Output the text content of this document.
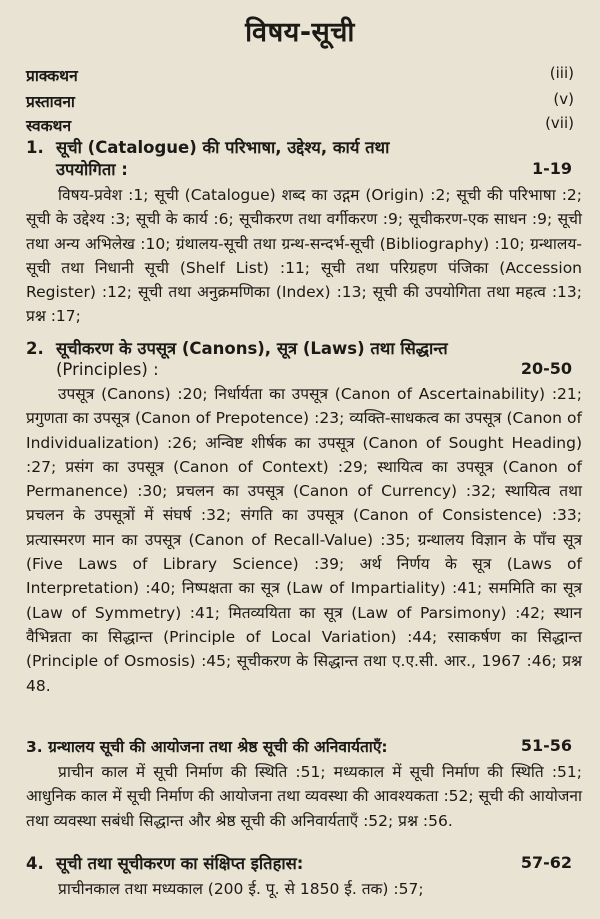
विषय-सूची
प्राक्कथन	(iii)
प्रस्तावना	(v)
स्वकथन	(vii)
1. सूची (Catalogue) की परिभाषा, उद्देश्य, कार्य तथा
उपयोगिता :	1-19
विषय-प्रवेश :1; सूची (Catalogue) शब्द का उद्गम (Origin) :2; सूची की परिभाषा :2; सूची के उद्देश्य :3; सूची के कार्य :6; सूचीकरण तथा वर्गीकरण :9; सूचीकरण-एक साधन :9; सूची तथा अन्य अभिलेख :10; ग्रंथालय-सूची तथा ग्रन्थ-सन्दर्भ-सूची (Bibliography) :10; ग्रन्थालय-सूची तथा निधानी सूची (Shelf List) :11; सूची तथा परिग्रहण पंजिका (Accession Register) :12; सूची तथा अनुक्रमणिका (Index) :13; सूची की उपयोगिता तथा महत्व :13; प्रश्न :17;
2. सूचीकरण के उपसूत्र (Canons), सूत्र (Laws) तथा सिद्धान्त
(Principles) :	20-50
उपसूत्र (Canons) :20; निर्धार्यता का उपसूत्र (Canon of Ascertainability) :21; प्रगुणता का उपसूत्र (Canon of Prepotence) :23; व्यक्ति-साधकत्व का उपसूत्र (Canon of Individualization) :26; अन्विष्ट शीर्षक का उपसूत्र (Canon of Sought Heading) :27; प्रसंग का उपसूत्र (Canon of Context) :29; स्थायित्व का उपसूत्र (Canon of Permanence) :30; प्रचलन का उपसूत्र (Canon of Currency) :32; स्थायित्व तथा प्रचलन के उपसूत्रों में संघर्ष :32; संगति का उपसूत्र (Canon of Consistence) :33; प्रत्यास्मरण मान का उपसूत्र (Canon of Recall-Value) :35; ग्रन्थालय विज्ञान के पाँच सूत्र (Five Laws of Library Science) :39; अर्थ निर्णय के सूत्र (Laws of Interpretation) :40; निष्पक्षता का सूत्र (Law of Impartiality) :41; सममिति का सूत्र (Law of Symmetry) :41; मितव्ययिता का सूत्र (Law of Parsimony) :42; स्थान वैभिन्नता का सिद्धान्त (Principle of Local Variation) :44; रसाकर्षण का सिद्धान्त (Principle of Osmosis) :45; सूचीकरण के सिद्धान्त तथा ए.ए.सी. आर., 1967 :46; प्रश्न 48.
3. ग्रन्थालय सूची की आयोजना तथा श्रेष्ठ सूची की अनिवार्यताएँ:	51-56
प्राचीन काल में सूची निर्माण की स्थिति :51; मध्यकाल में सूची निर्माण की स्थिति :51; आधुनिक काल में सूची निर्माण की आयोजना तथा व्यवस्था की आवश्यकता :52; सूची की आयोजना तथा व्यवस्था सबंधी सिद्धान्त और श्रेष्ठ सूची की अनिवार्यताएँ :52; प्रश्न :56.
4. सूची तथा सूचीकरण का संक्षिप्त इतिहास:	57-62
प्राचीनकाल तथा मध्यकाल (200 ई. पू. से 1850 ई. तक) :57;
